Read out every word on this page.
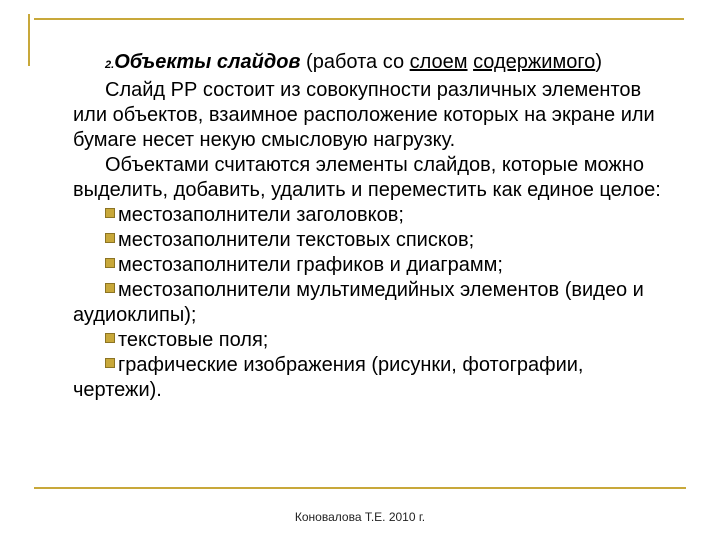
2.Объекты слайдов (работа со слоем содержимого)

Слайд РР состоит из совокупности различных элементов или объектов, взаимное расположение которых на экране или бумаге несет некую смысловую нагрузку.

Объектами считаются элементы слайдов, которые можно выделить, добавить, удалить и переместить как единое целое:

местозаполнители заголовков;
местозаполнители текстовых списков;
местозаполнители графиков и диаграмм;
местозаполнители мультимедийных элементов (видео и аудиоклипы);
текстовые поля;
графические изображения (рисунки, фотографии, чертежи).
Коновалова Т.Е. 2010 г.
